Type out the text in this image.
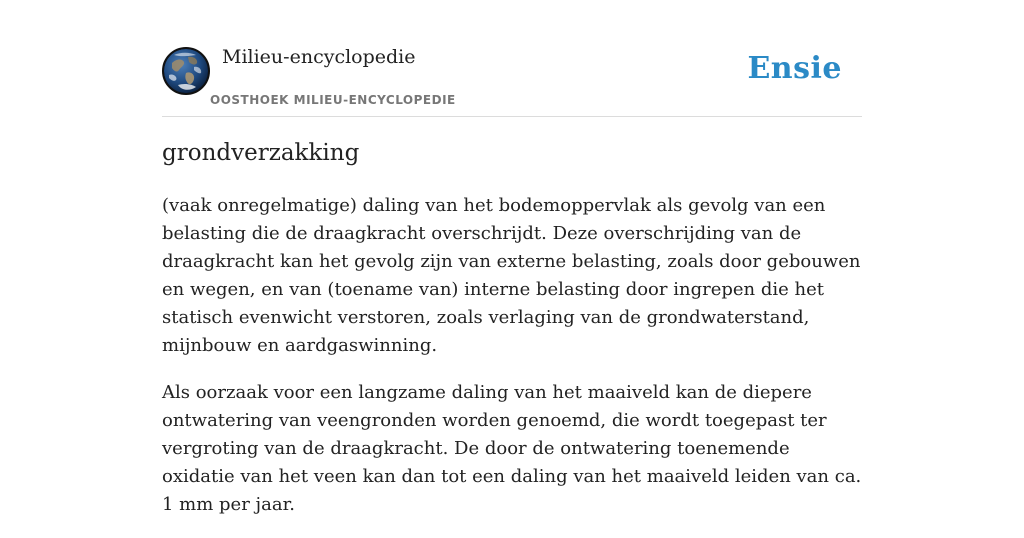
Milieu-encyclopedie
OOSTHOEK MILIEU-ENCYCLOPEDIE
Ensie
grondverzakking

(vaak onregelmatige) daling van het bodemoppervlak als gevolg van een belasting die de draagkracht overschrijdt. Deze overschrijding van de draagkracht kan het gevolg zijn van externe belasting, zoals door gebouwen en wegen, en van (toename van) interne belasting door ingrepen die het statisch evenwicht verstoren, zoals verlaging van de grondwaterstand, mijnbouw en aardgaswinning.

Als oorzaak voor een langzame daling van het maaiveld kan de diepere ontwatering van veengronden worden genoemd, die wordt toegepast ter vergroting van de draagkracht. De door de ontwatering toenemende oxidatie van het veen kan dan tot een daling van het maaiveld leiden van ca. 1 mm per jaar.
